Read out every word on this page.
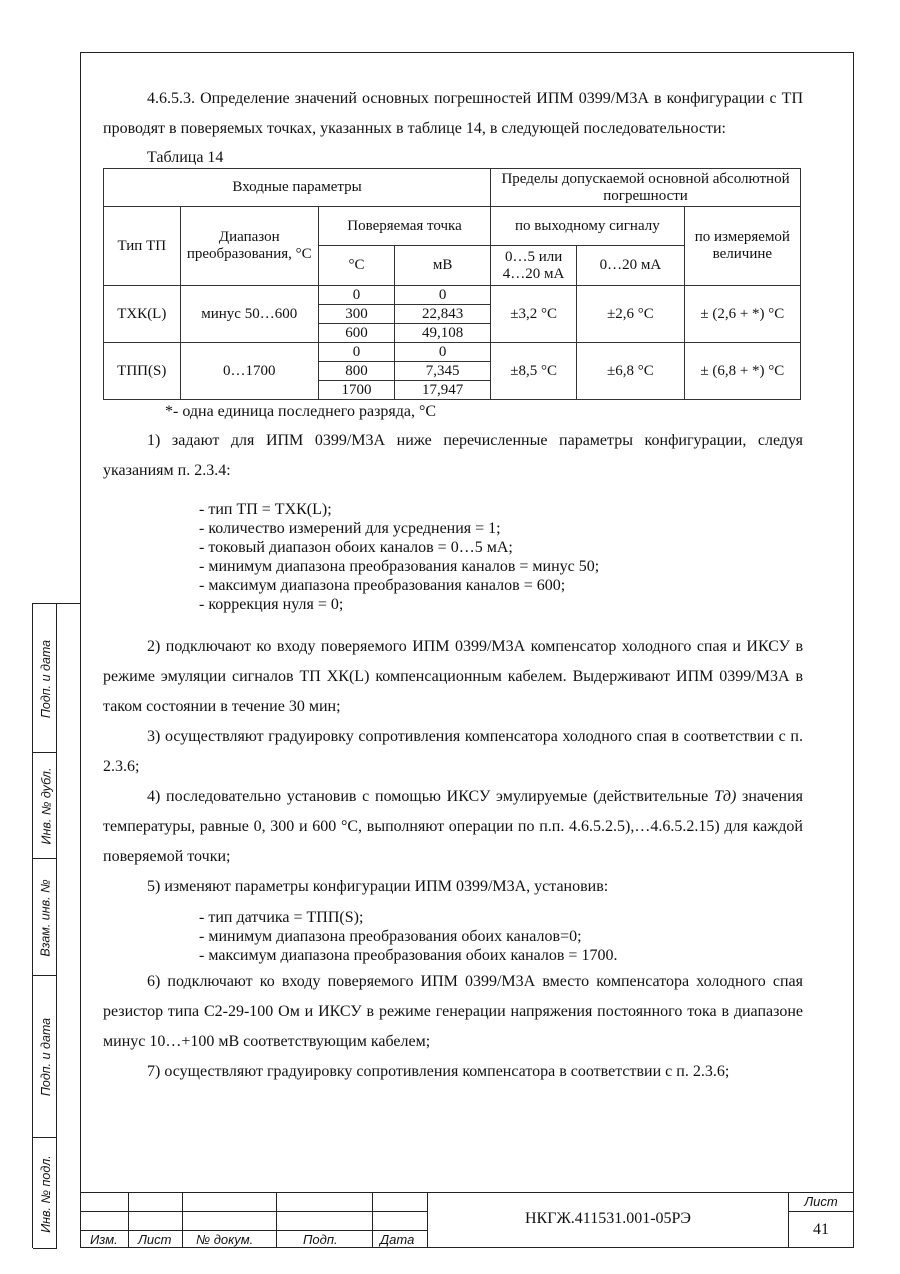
4.6.5.3. Определение значений основных погрешностей ИПМ 0399/М3А в конфигурации с ТП проводят в поверяемых точках, указанных в таблице 14, в следующей последовательности:

Таблица 14

Входные параметры				Пределы допускаемой основной абсолютной погрешности		
Тип ТП	Диапазон преобразования, °С	Поверяемая точка		по выходному сигналу		по измеряемой величине
		°С	мВ	0…5 или 4…20 мА	0…20 мА	
ТХК(L)	минус 50…600	0	0	±3,2 °С	±2,6 °С	± (2,6 + *) °С
		300	22,843			
		600	49,108			
ТПП(S)	0…1700	0	0	±8,5 °С	±6,8 °С	± (6,8 + *) °С
		800	7,345			
		1700	17,947			

*- одна единица последнего разряда, °С

1) задают для ИПМ 0399/М3А ниже перечисленные параметры конфигурации, следуя указаниям п. 2.3.4:

- тип ТП = ТХК(L);
- количество измерений для усреднения = 1;
- токовый диапазон обоих каналов = 0…5 мА;
- минимум диапазона преобразования каналов = минус 50;
- максимум диапазона преобразования каналов = 600;
- коррекция нуля = 0;

2) подключают ко входу поверяемого ИПМ 0399/М3А компенсатор холодного спая и ИКСУ в режиме эмуляции сигналов ТП ХК(L) компенсационным кабелем. Выдерживают ИПМ 0399/М3А в таком состоянии в течение 30 мин;

3) осуществляют градуировку сопротивления компенсатора холодного спая в соответствии с п. 2.3.6;

4) последовательно установив с помощью ИКСУ эмулируемые (действительные Tд) значения температуры, равные 0, 300 и 600 °С, выполняют операции по п.п. 4.6.5.2.5),…4.6.5.2.15) для каждой поверяемой точки;

5) изменяют параметры конфигурации ИПМ 0399/М3А, установив:

- тип датчика = ТПП(S);
- минимум диапазона преобразования обоих каналов=0;
- максимум диапазона преобразования обоих каналов = 1700.

6) подключают ко входу поверяемого ИПМ 0399/М3А вместо компенсатора холодного спая резистор типа С2-29-100 Ом и ИКСУ в режиме генерации напряжения постоянного тока в диапазоне минус 10…+100 мВ соответствующим кабелем;

7) осуществляют градуировку сопротивления компенсатора в соответствии с п. 2.3.6;

Подп. и дата
Инв. № дубл.
Взам. инв. №
Подп. и дата
Инв. № подл.
Изм. Лист № докум.	Подп.	Дата
НКГЖ.411531.001-05РЭ
Лист
41
